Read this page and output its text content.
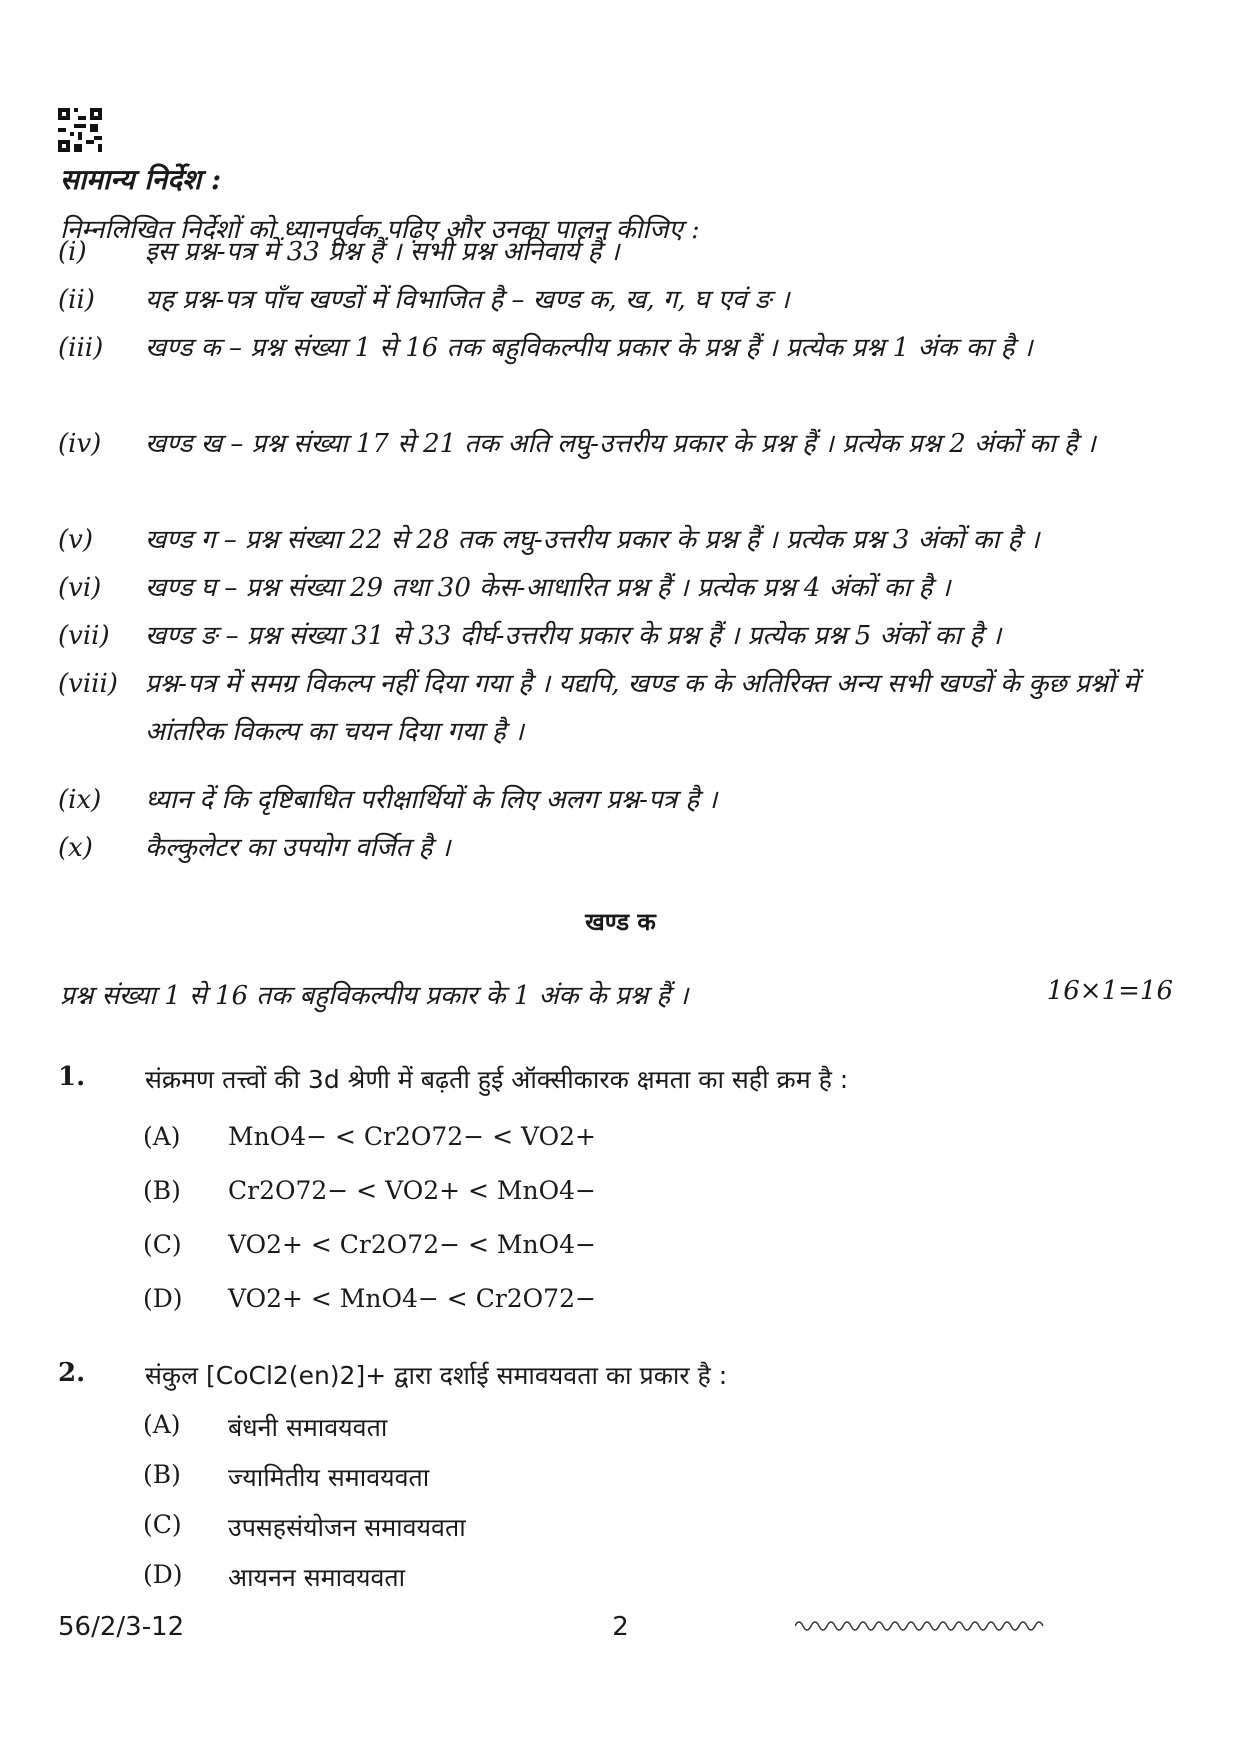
सामान्य निर्देश :
निम्नलिखित निर्देशों को ध्यानपूर्वक पढ़िए और उनका पालन कीजिए :
(i)	इस प्रश्न-पत्र में 33 प्रश्न हैं । सभी प्रश्न अनिवार्य हैं ।
(ii)	यह प्रश्न-पत्र पाँच खण्डों में विभाजित है – खण्ड क, ख, ग, घ एवं ङ ।
(iii)	खण्ड क – प्रश्न संख्या 1 से 16 तक बहुविकल्पीय प्रकार के प्रश्न हैं । प्रत्येक प्रश्न 1 अंक का है ।
(iv)	खण्ड ख – प्रश्न संख्या 17 से 21 तक अति लघु-उत्तरीय प्रकार के प्रश्न हैं । प्रत्येक प्रश्न 2 अंकों का है ।
(v)	खण्ड ग – प्रश्न संख्या 22 से 28 तक लघु-उत्तरीय प्रकार के प्रश्न हैं । प्रत्येक प्रश्न 3 अंकों का है ।
(vi)	खण्ड घ – प्रश्न संख्या 29 तथा 30 केस-आधारित प्रश्न हैं । प्रत्येक प्रश्न 4 अंकों का है ।
(vii)	खण्ड ङ – प्रश्न संख्या 31 से 33 दीर्घ-उत्तरीय प्रकार के प्रश्न हैं । प्रत्येक प्रश्न 5 अंकों का है ।
(viii)	प्रश्न-पत्र में समग्र विकल्प नहीं दिया गया है । यद्यपि, खण्ड क के अतिरिक्त अन्य सभी खण्डों के कुछ प्रश्नों में आंतरिक विकल्प का चयन दिया गया है ।
(ix)	ध्यान दें कि दृष्टिबाधित परीक्षार्थियों के लिए अलग प्रश्न-पत्र है ।
(x)	कैल्कुलेटर का उपयोग वर्जित है ।
खण्ड क
प्रश्न संख्या 1 से 16 तक बहुविकल्पीय प्रकार के 1 अंक के प्रश्न हैं ।	16×1=16
1. संक्रमण तत्त्वों की 3d श्रेणी में बढ़ती हुई ऑक्सीकारक क्षमता का सही क्रम है :
(A) MnO4− < Cr2O72− < VO2+
(B) Cr2O72− < VO2+ < MnO4−
(C) VO2+ < Cr2O72− < MnO4−
(D) VO2+ < MnO4− < Cr2O72−
2. संकुल [CoCl2(en)2]+ द्वारा दर्शाई समावयवता का प्रकार है :
(A) बंधनी समावयवता
(B) ज्यामितीय समावयवता
(C) उपसहसंयोजन समावयवता
(D) आयनन समावयवता
56/2/3-12	2
